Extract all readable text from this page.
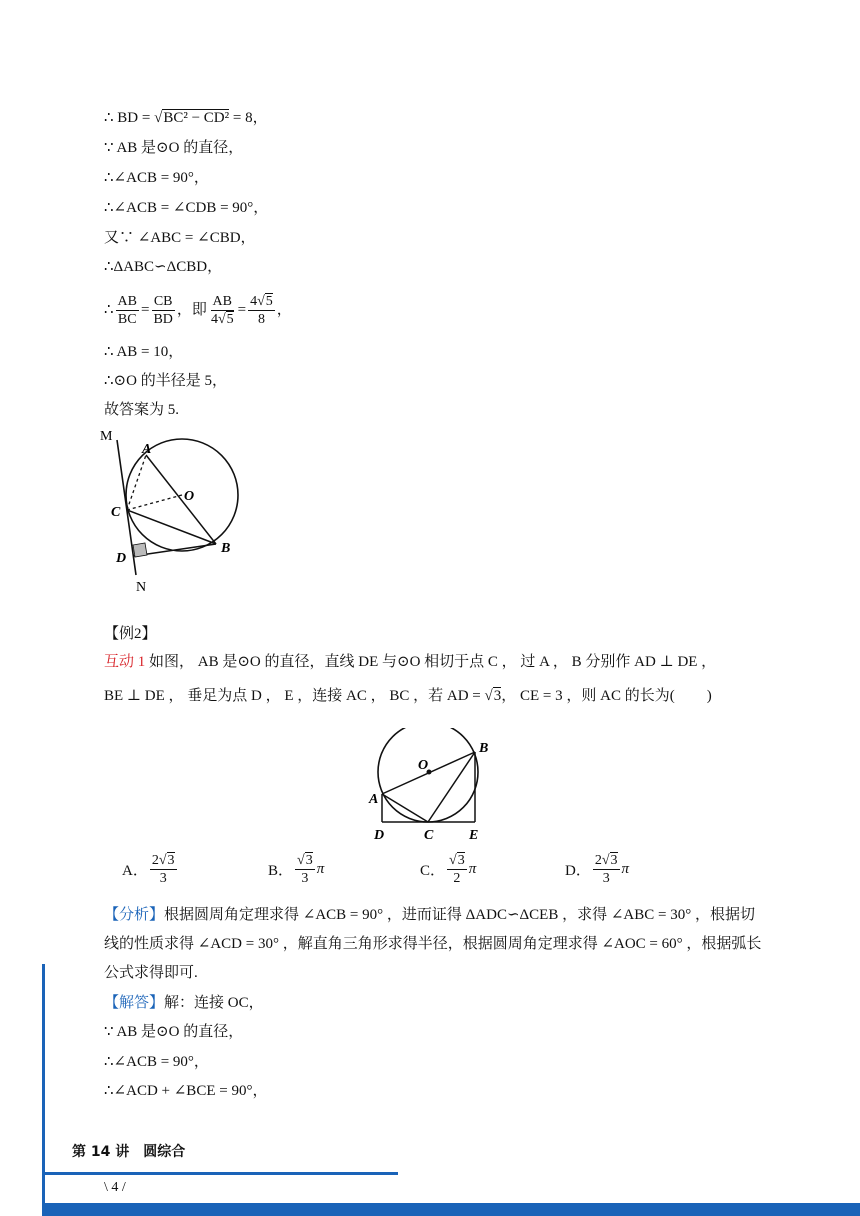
∴ BD = √BC² − CD² = 8，
∵ AB 是⊙O 的直径，
∴∠ACB = 90°，
∴∠ACB = ∠CDB = 90°，
又∵ ∠ABC = ∠CBD，
∴ΔABC∽ΔCBD，
∴ $\frac{AB}{BC} = \frac{CB}{BD}$ ，即 $\frac{AB}{4√5} = \frac{4√5}{8}$ ，
∴ AB = 10，
∴⊙O 的半径是 5，
故答案为 5.
M
A
O
C
D
B
N
【例2】
互动 1 如图， AB 是⊙O 的直径，直线 DE 与⊙O 相切于点 C ， 过 A ， B 分别作 AD ⊥ DE ，
BE ⊥ DE ， 垂足为点 D ， E ，连接 AC ， BC ，若 AD = √3， CE = 3 ，则 AC 的长为( )
O
B
A
D	C	E
A． $\frac{2√3}{3}$	B． $\frac{√3}{3}$ π	C． $\frac{√3}{2}$ π	D． $\frac{2√3}{3}$ π
【分析】根据圆周角定理求得 ∠ACB = 90° ，进而证得 ΔADC∽ΔCEB ，求得 ∠ABC = 30° ，根据切
线的性质求得 ∠ACD = 30° ，解直角三角形求得半径，根据圆周角定理求得 ∠AOC = 60° ，根据弧长
公式求得即可.
【解答】解：连接 OC，
∵ AB 是⊙O 的直径，
∴∠ACB = 90°，
∴∠ACD + ∠BCE = 90°，
第 14 讲　圆综合
\ 4 /
